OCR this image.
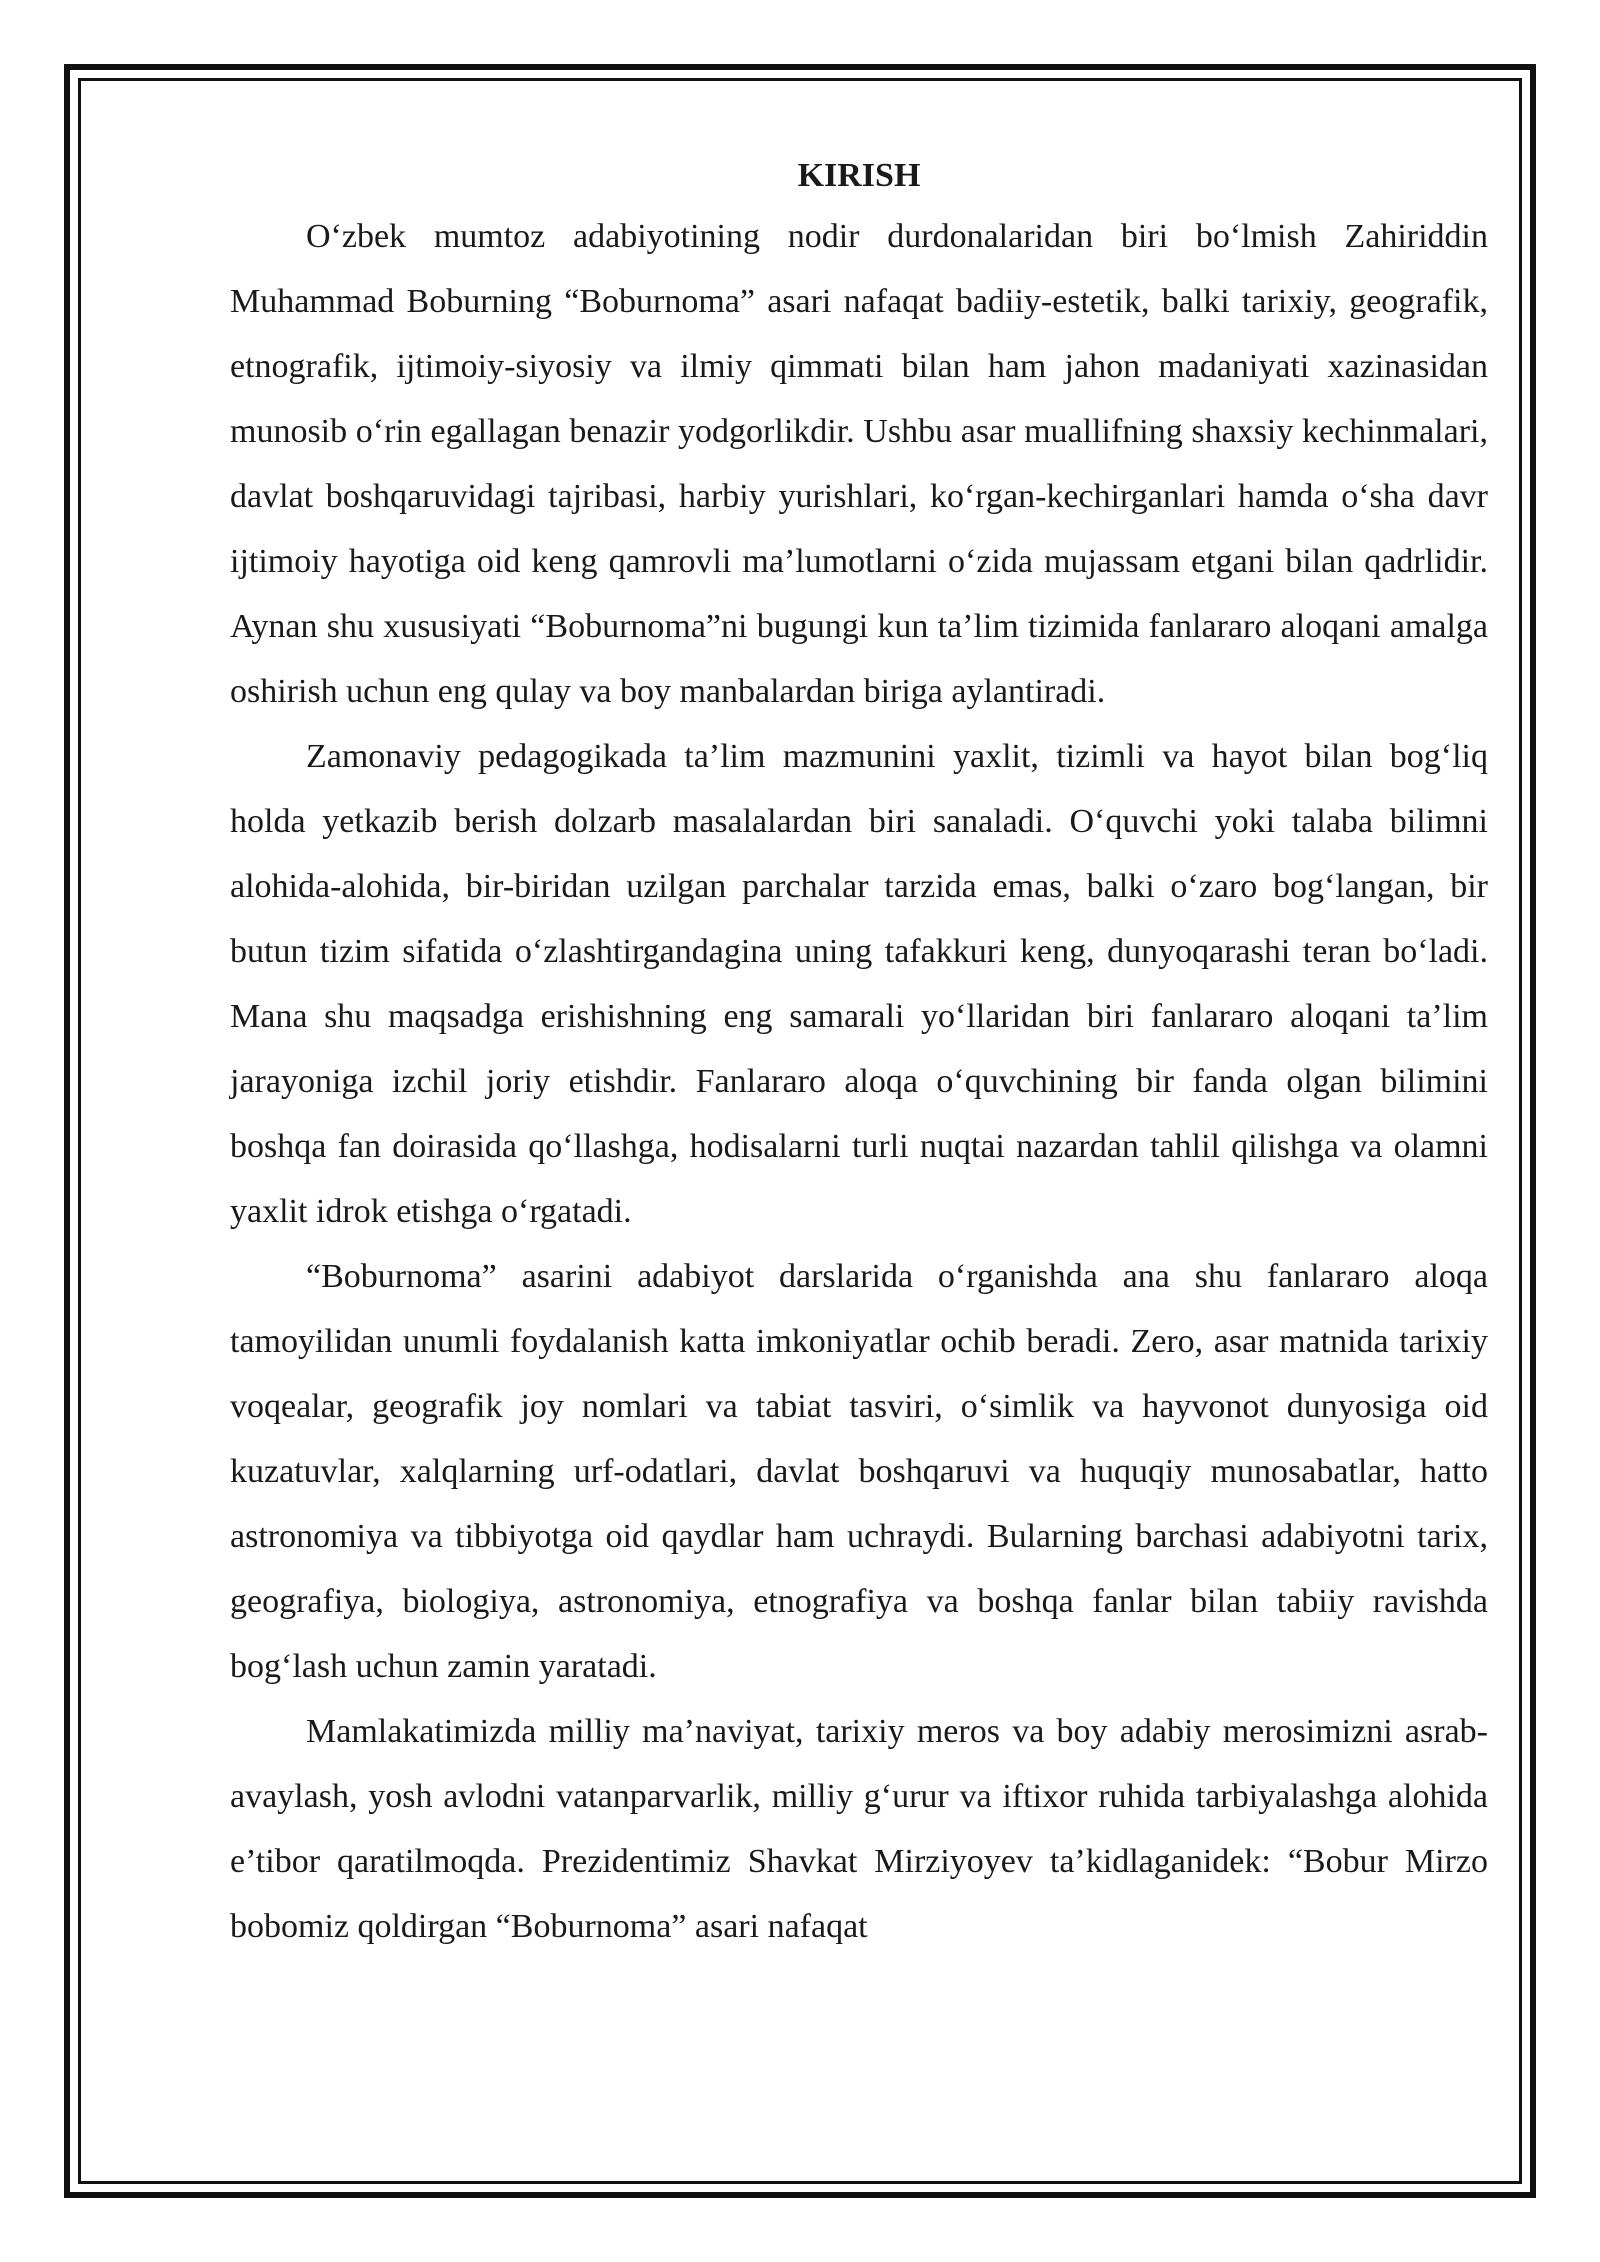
KIRISH

O‘zbek mumtoz adabiyotining nodir durdonalaridan biri bo‘lmish Zahiriddin Muhammad Boburning “Boburnoma” asari nafaqat badiiy-estetik, balki tarixiy, geografik, etnografik, ijtimoiy-siyosiy va ilmiy qimmati bilan ham jahon madaniyati xazinasidan munosib o‘rin egallagan benazir yodgorlikdir. Ushbu asar muallifning shaxsiy kechinmalari, davlat boshqaruvidagi tajribasi, harbiy yurishlari, ko‘rgan-kechirganlari hamda o‘sha davr ijtimoiy hayotiga oid keng qamrovli ma’lumotlarni o‘zida mujassam etgani bilan qadrlidir. Aynan shu xususiyati “Boburnoma”ni bugungi kun ta’lim tizimida fanlararo aloqani amalga oshirish uchun eng qulay va boy manbalardan biriga aylantiradi.

Zamonaviy pedagogikada ta’lim mazmunini yaxlit, tizimli va hayot bilan bog‘liq holda yetkazib berish dolzarb masalalardan biri sanaladi. O‘quvchi yoki talaba bilimni alohida-alohida, bir-biridan uzilgan parchalar tarzida emas, balki o‘zaro bog‘langan, bir butun tizim sifatida o‘zlashtirgandagina uning tafakkuri keng, dunyoqarashi teran bo‘ladi. Mana shu maqsadga erishishning eng samarali yo‘llaridan biri fanlararo aloqani ta’lim jarayoniga izchil joriy etishdir. Fanlararo aloqa o‘quvchining bir fanda olgan bilimini boshqa fan doirasida qo‘llashga, hodisalarni turli nuqtai nazardan tahlil qilishga va olamni yaxlit idrok etishga o‘rgatadi.

“Boburnoma” asarini adabiyot darslarida o‘rganishda ana shu fanlararo aloqa tamoyilidan unumli foydalanish katta imkoniyatlar ochib beradi. Zero, asar matnida tarixiy voqealar, geografik joy nomlari va tabiat tasviri, o‘simlik va hayvonot dunyosiga oid kuzatuvlar, xalqlarning urf-odatlari, davlat boshqaruvi va huquqiy munosabatlar, hatto astronomiya va tibbiyotga oid qaydlar ham uchraydi. Bularning barchasi adabiyotni tarix, geografiya, biologiya, astronomiya, etnografiya va boshqa fanlar bilan tabiiy ravishda bog‘lash uchun zamin yaratadi.

Mamlakatimizda milliy ma’naviyat, tarixiy meros va boy adabiy merosimizni asrab-avaylash, yosh avlodni vatanparvarlik, milliy g‘urur va iftixor ruhida tarbiyalashga alohida e’tibor qaratilmoqda. Prezidentimiz Shavkat Mirziyoyev ta’kidlaganidek: “Bobur Mirzo bobomiz qoldirgan “Boburnoma” asari nafaqat
